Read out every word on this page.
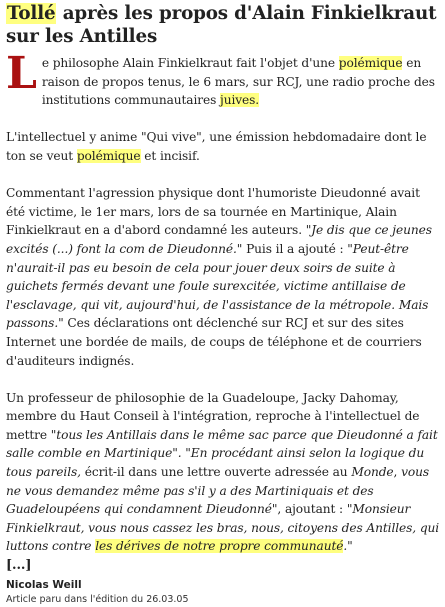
Tollé après les propos d'Alain Finkielkraut
sur les Antilles

Le philosophe Alain Finkielkraut fait l'objet d'une polémique en raison de propos tenus, le 6 mars, sur RCJ, une radio proche des institutions communautaires juives.

L'intellectuel y anime "Qui vive", une émission hebdomadaire dont le ton se veut polémique et incisif.

Commentant l'agression physique dont l'humoriste Dieudonné avait été victime, le 1er mars, lors de sa tournée en Martinique, Alain Finkielkraut en a d'abord condamné les auteurs. "Je dis que ce jeunes excités (...) font la com de Dieudonné." Puis il a ajouté : "Peut-être n'aurait-il pas eu besoin de cela pour jouer deux soirs de suite à guichets fermés devant une foule surexcitée, victime antillaise de l'esclavage, qui vit, aujourd'hui, de l'assistance de la métropole. Mais passons." Ces déclarations ont déclenché sur RCJ et sur des sites Internet une bordée de mails, de coups de téléphone et de courriers d'auditeurs indignés.

Un professeur de philosophie de la Guadeloupe, Jacky Dahomay, membre du Haut Conseil à l'intégration, reproche à l'intellectuel de mettre "tous les Antillais dans le même sac parce que Dieudonné a fait salle comble en Martinique". "En procédant ainsi selon la logique du tous pareils, écrit-il dans une lettre ouverte adressée au Monde, vous ne vous demandez même pas s'il y a des Martiniquais et des Guadeloupéens qui condamnent Dieudonné", ajoutant : "Monsieur Finkielkraut, vous nous cassez les bras, nous, citoyens des Antilles, qui luttons contre les dérives de notre propre communauté."

[...]
Nicolas Weill
Article paru dans l'édition du 26.03.05
